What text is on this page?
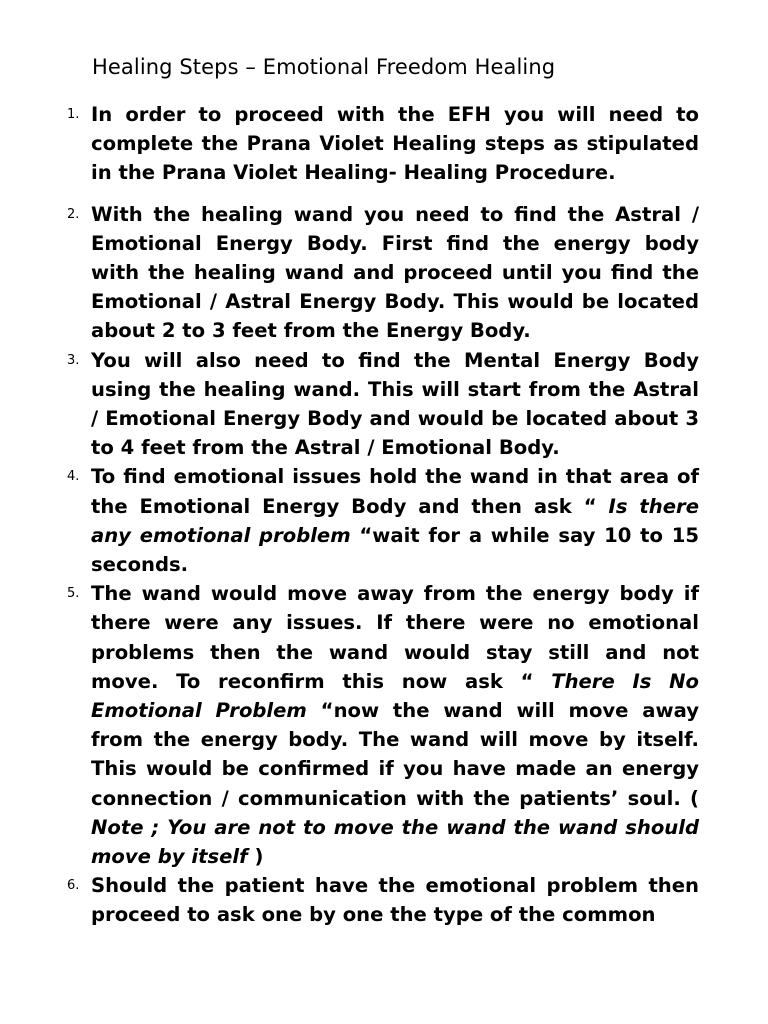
Healing Steps – Emotional Freedom Healing
1. In order to proceed with the EFH you will need to complete the Prana Violet Healing steps as stipulated in the Prana Violet Healing- Healing Procedure.
2. With the healing wand you need to find the Astral / Emotional Energy Body. First find the energy body with the healing wand and proceed until you find the Emotional / Astral Energy Body. This would be located about 2 to 3 feet from the Energy Body.
3. You will also need to find the Mental Energy Body using the healing wand. This will start from the Astral / Emotional Energy Body and would be located about 3 to 4 feet from the Astral / Emotional Body.
4. To find emotional issues hold the wand in that area of the Emotional Energy Body and then ask “ Is there any emotional problem “wait for a while say 10 to 15 seconds.
5. The wand would move away from the energy body if there were any issues. If there were no emotional problems then the wand would stay still and not move. To reconfirm this now ask “ There Is No Emotional Problem “now the wand will move away from the energy body. The wand will move by itself. This would be confirmed if you have made an energy connection / communication with the patients’ soul. ( Note ; You are not to move the wand the wand should move by itself )
6. Should the patient have the emotional problem then proceed to ask one by one the type of the common
